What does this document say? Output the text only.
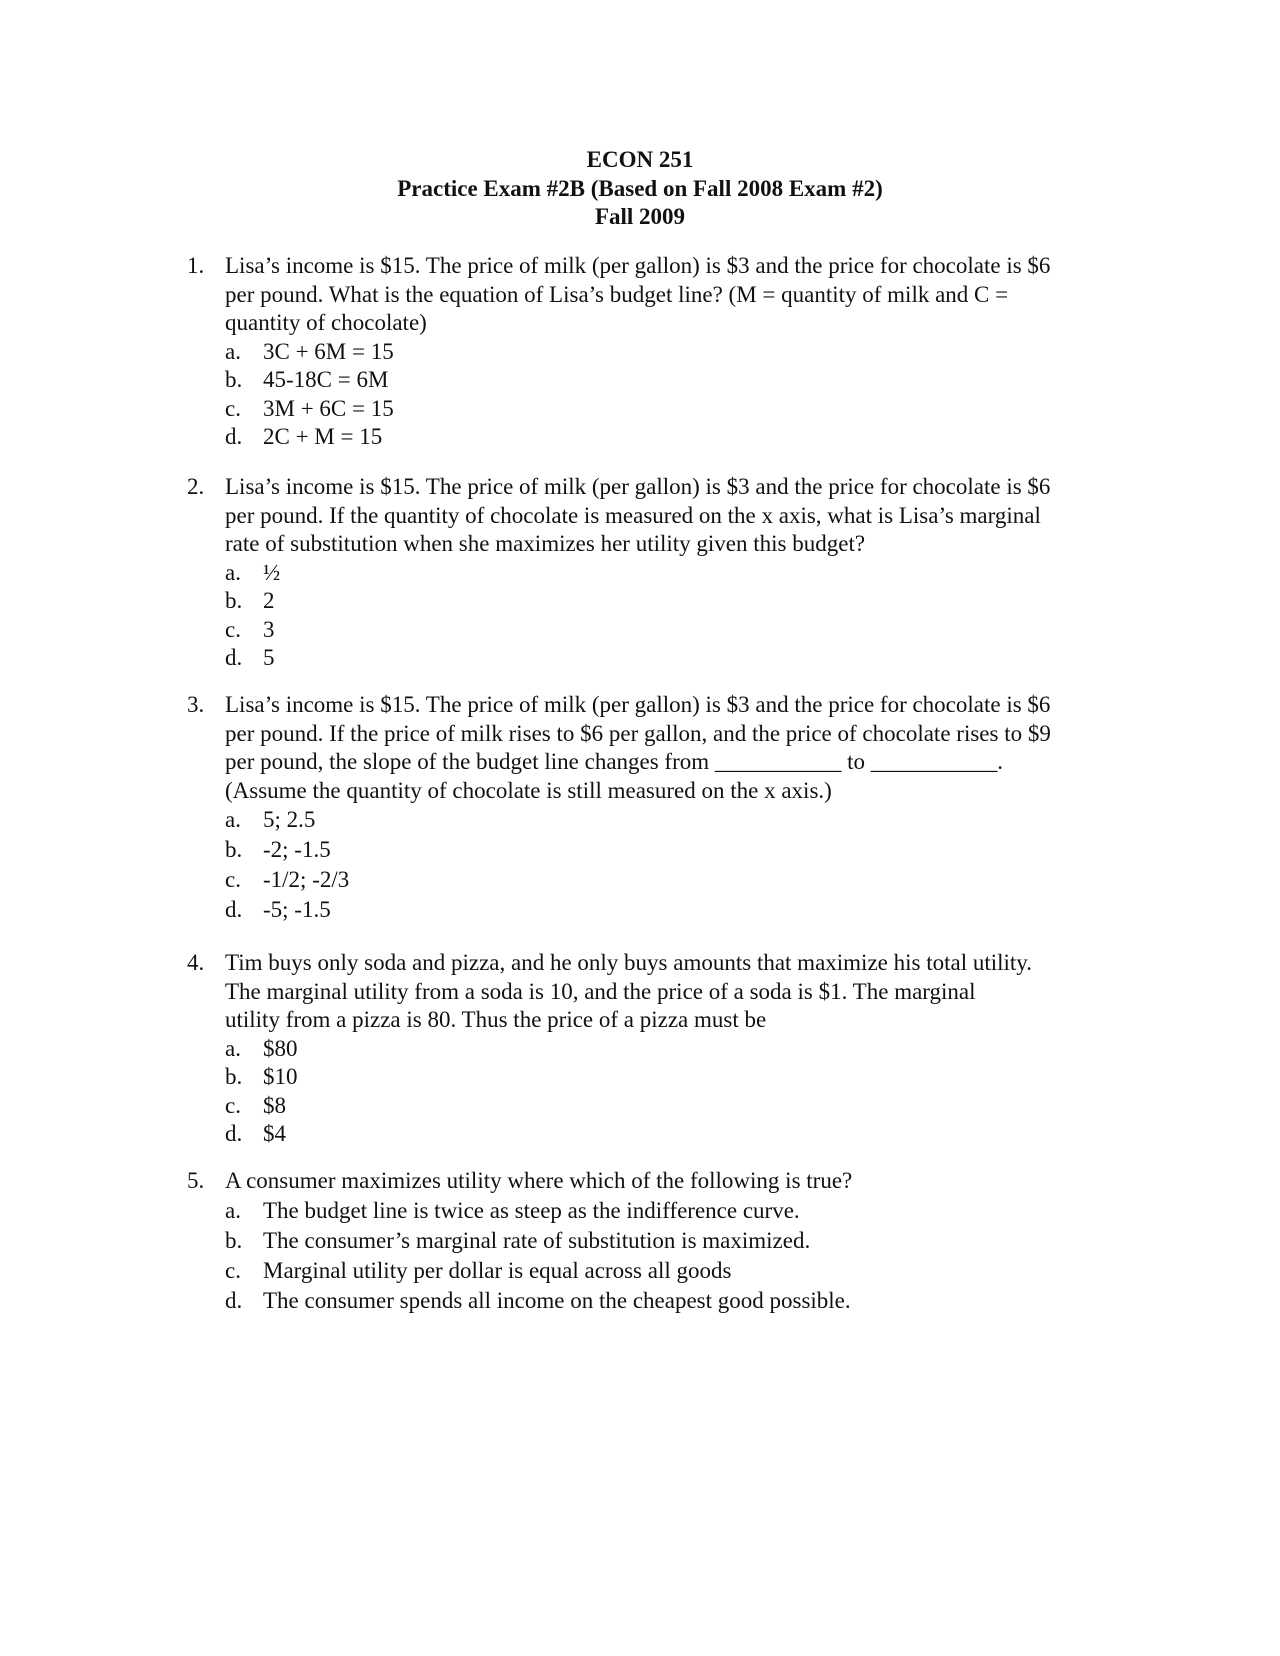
ECON 251
Practice Exam #2B (Based on Fall 2008 Exam #2)
Fall 2009
1. Lisa’s income is $15. The price of milk (per gallon) is $3 and the price for chocolate is $6 per pound. What is the equation of Lisa’s budget line? (M = quantity of milk and C = quantity of chocolate)
a. 3C + 6M = 15
b. 45-18C = 6M
c. 3M + 6C = 15
d. 2C + M = 15
2. Lisa’s income is $15. The price of milk (per gallon) is $3 and the price for chocolate is $6 per pound. If the quantity of chocolate is measured on the x axis, what is Lisa’s marginal rate of substitution when she maximizes her utility given this budget?
a. ½
b. 2
c. 3
d. 5
3. Lisa’s income is $15. The price of milk (per gallon) is $3 and the price for chocolate is $6 per pound. If the price of milk rises to $6 per gallon, and the price of chocolate rises to $9 per pound, the slope of the budget line changes from ___________ to ___________. (Assume the quantity of chocolate is still measured on the x axis.)
a. 5; 2.5
b. -2; -1.5
c. -1/2; -2/3
d. -5; -1.5
4. Tim buys only soda and pizza, and he only buys amounts that maximize his total utility. The marginal utility from a soda is 10, and the price of a soda is $1. The marginal utility from a pizza is 80. Thus the price of a pizza must be
a. $80
b. $10
c. $8
d. $4
5. A consumer maximizes utility where which of the following is true?
a. The budget line is twice as steep as the indifference curve.
b. The consumer’s marginal rate of substitution is maximized.
c. Marginal utility per dollar is equal across all goods
d. The consumer spends all income on the cheapest good possible.
